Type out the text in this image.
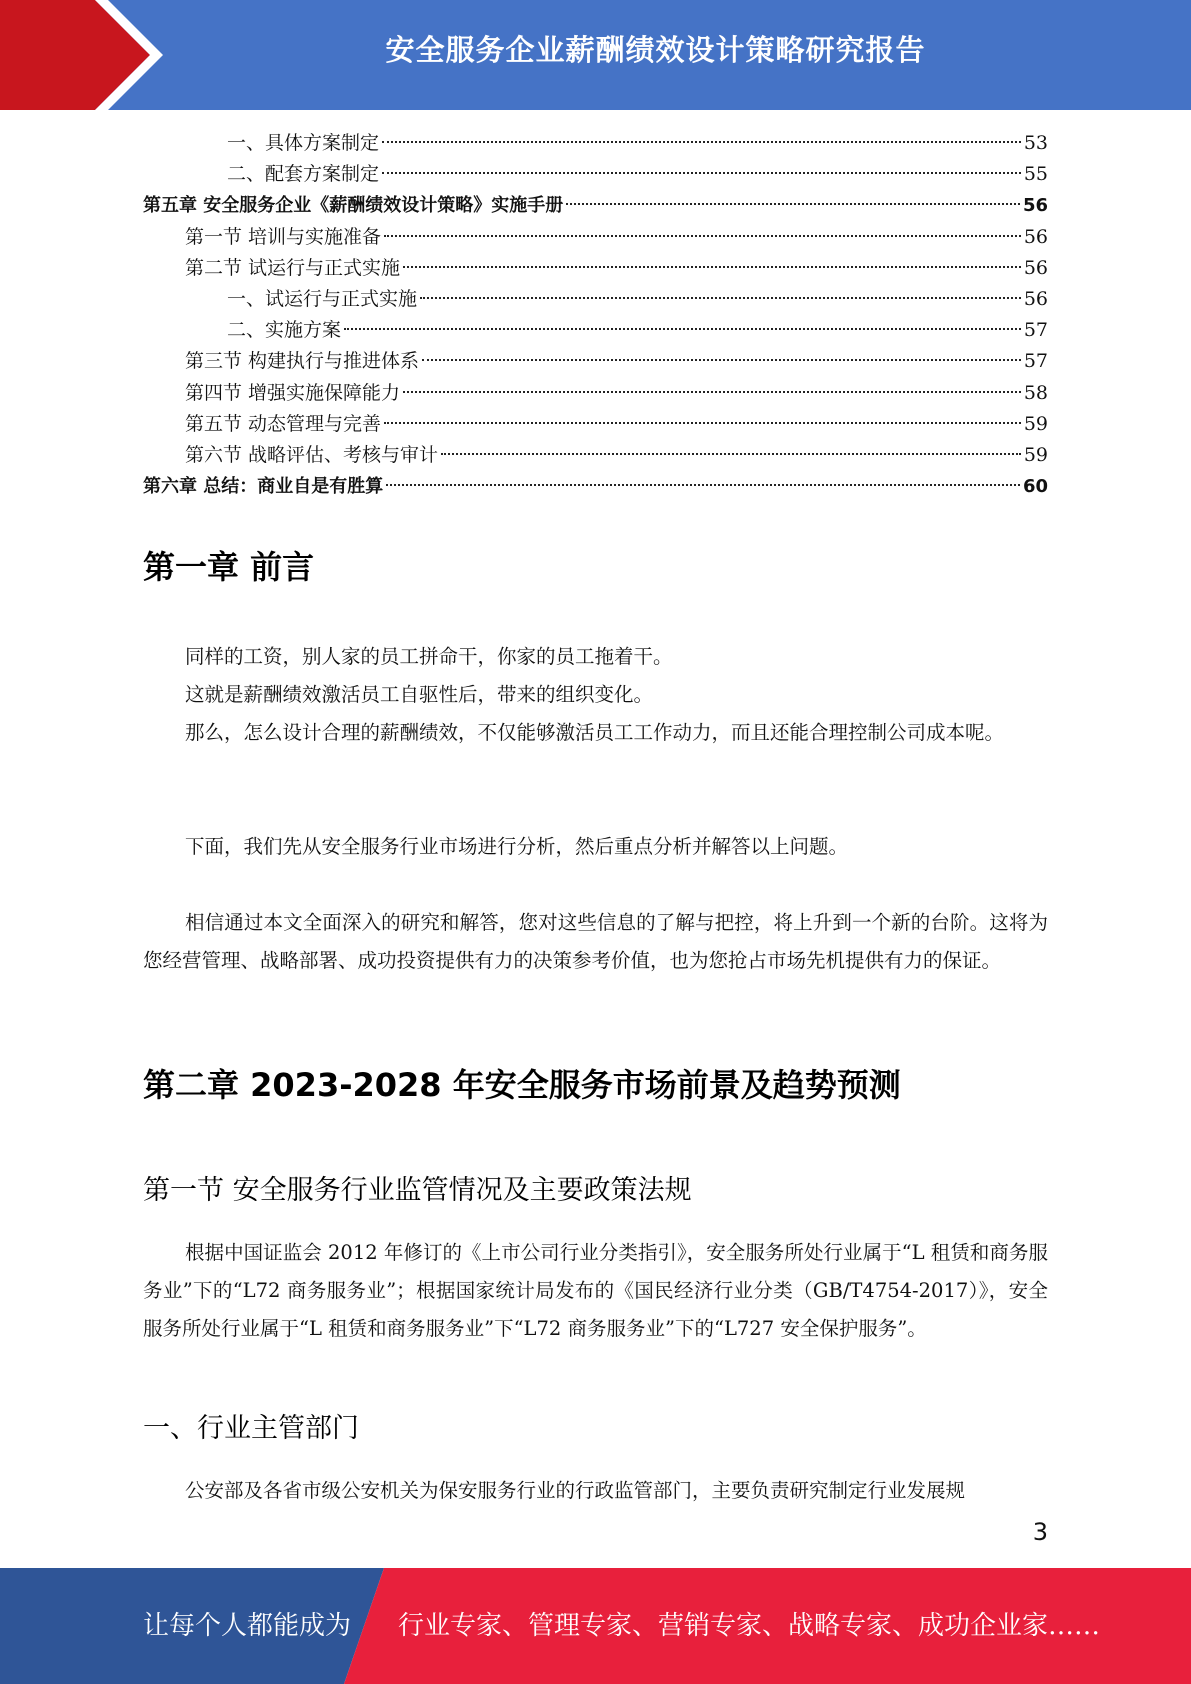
安全服务企业薪酬绩效设计策略研究报告
一、具体方案制定	53
二、配套方案制定	55
第五章 安全服务企业《薪酬绩效设计策略》实施手册	56
第一节 培训与实施准备	56
第二节 试运行与正式实施	56
一、试运行与正式实施	56
二、实施方案	57
第三节 构建执行与推进体系	57
第四节 增强实施保障能力	58
第五节 动态管理与完善	59
第六节 战略评估、考核与审计	59
第六章 总结：商业自是有胜算	60
第一章 前言
同样的工资，别人家的员工拼命干，你家的员工拖着干。
这就是薪酬绩效激活员工自驱性后，带来的组织变化。
那么，怎么设计合理的薪酬绩效，不仅能够激活员工工作动力，而且还能合理控制公司成本呢。
下面，我们先从安全服务行业市场进行分析，然后重点分析并解答以上问题。
相信通过本文全面深入的研究和解答，您对这些信息的了解与把控，将上升到一个新的台阶。这将为您经营管理、战略部署、成功投资提供有力的决策参考价值，也为您抢占市场先机提供有力的保证。
第二章 2023-2028 年安全服务市场前景及趋势预测
第一节 安全服务行业监管情况及主要政策法规
根据中国证监会 2012 年修订的《上市公司行业分类指引》，安全服务所处行业属于“L 租赁和商务服务业”下的“L72 商务服务业”；根据国家统计局发布的《国民经济行业分类（GB/T4754-2017）》，安全服务所处行业属于“L 租赁和商务服务业”下“L72 商务服务业”下的“L727 安全保护服务”。
一、行业主管部门
公安部及各省市级公安机关为保安服务行业的行政监管部门，主要负责研究制定行业发展规
3
让每个人都能成为 行业专家、管理专家、营销专家、战略专家、成功企业家……
